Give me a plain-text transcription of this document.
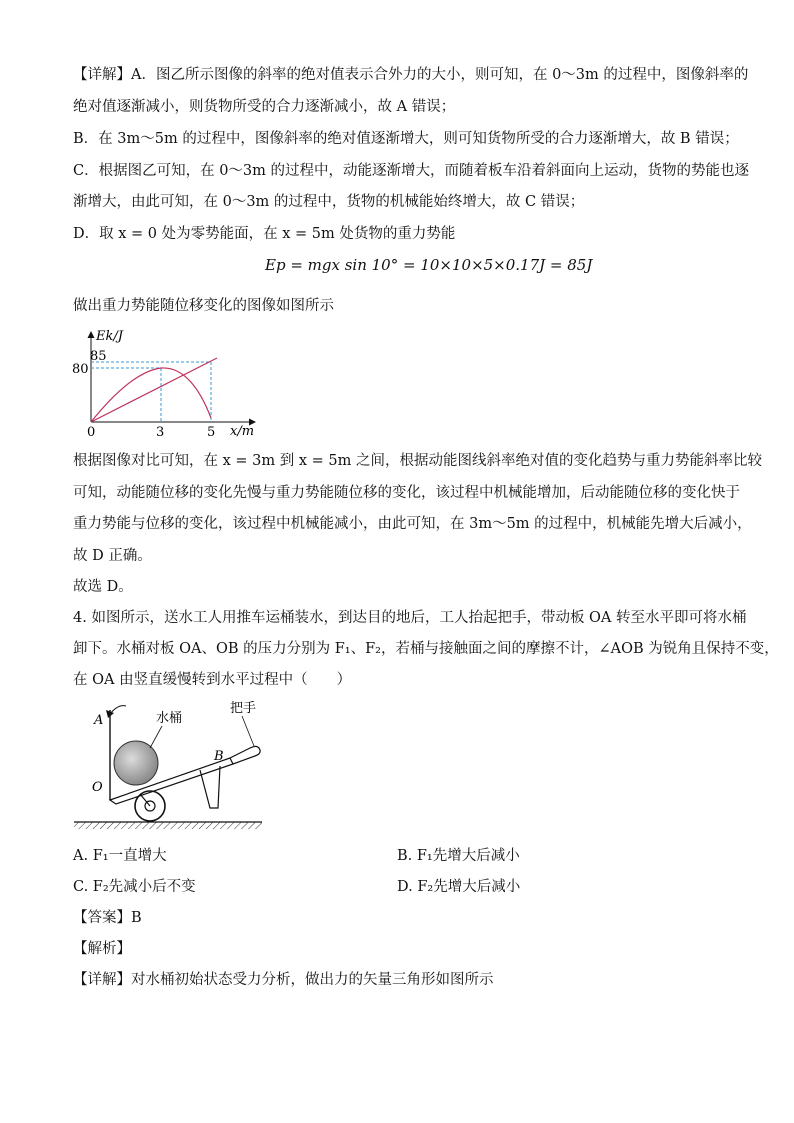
【详解】A．图乙所示图像的斜率的绝对值表示合外力的大小，则可知，在 0～3m 的过程中，图像斜率的
绝对值逐渐减小，则货物所受的合力逐渐减小，故 A 错误；
B．在 3m～5m 的过程中，图像斜率的绝对值逐渐增大，则可知货物所受的合力逐渐增大，故 B 错误；
C．根据图乙可知，在 0～3m 的过程中，动能逐渐增大，而随着板车沿着斜面向上运动，货物的势能也逐
渐增大，由此可知，在 0～3m 的过程中，货物的机械能始终增大，故 C 错误；
D．取 x = 0 处为零势能面，在 x = 5m 处货物的重力势能
Ep = mgx sin 10° = 10×10×5×0.17J = 85J
做出重力势能随位移变化的图像如图所示
Ek/J
x/m
85
80
0	3	5
根据图像对比可知，在 x = 3m 到 x = 5m 之间，根据动能图线斜率绝对值的变化趋势与重力势能斜率比较
可知，动能随位移的变化先慢与重力势能随位移的变化，该过程中机械能增加，后动能随位移的变化快于
重力势能与位移的变化，该过程中机械能减小，由此可知，在 3m～5m 的过程中，机械能先增大后减小，
故 D 正确。
故选 D。
4. 如图所示，送水工人用推车运桶装水，到达目的地后，工人抬起把手，带动板 OA 转至水平即可将水桶
卸下。水桶对板 OA、OB 的压力分别为 F₁、F₂，若桶与接触面之间的摩擦不计，∠AOB 为锐角且保持不变，
在 OA 由竖直缓慢转到水平过程中（　　）
A
O
水桶
B
把手
A. F₁一直增大	B. F₁先增大后减小
C. F₂先减小后不变	D. F₂先增大后减小
【答案】B
【解析】
【详解】对水桶初始状态受力分析，做出力的矢量三角形如图所示
